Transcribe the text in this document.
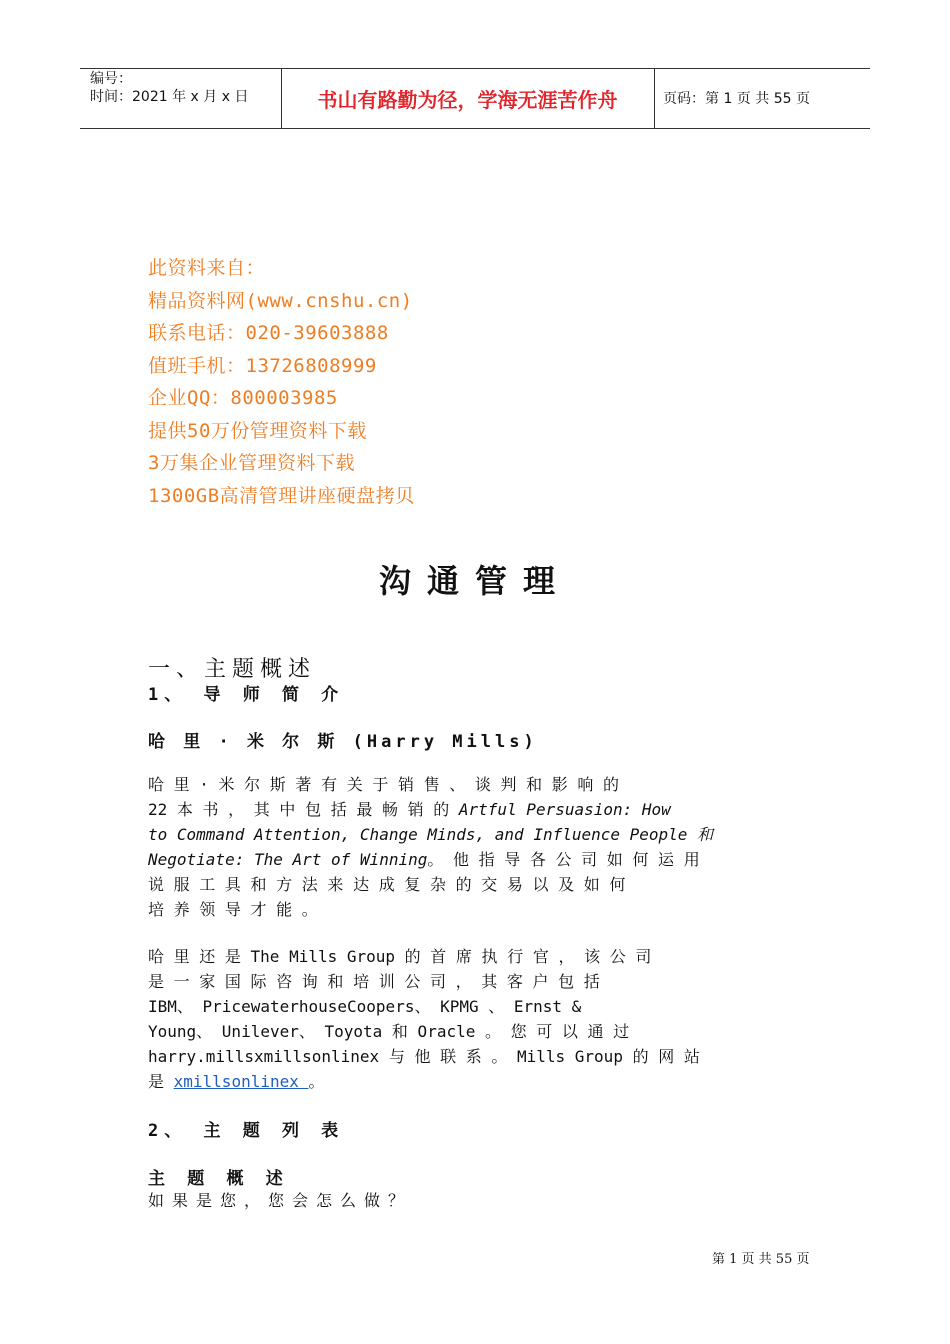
编号：
时间：2021 年 x 月 x 日	书山有路勤为径，学海无涯苦作舟	页码：第 1 页 共 55 页
此资料来自：
精品资料网(www.cnshu.cn)
联系电话：020-39603888
值班手机：13726808999
企业QQ：800003985
提供50万份管理资料下载
3万集企业管理资料下载
1300GB高清管理讲座硬盘拷贝
沟通管理
一、主题概述
1、 导 师 简 介
哈 里 · 米 尔 斯 (Harry Mills)
哈 里 · 米 尔 斯 著 有 关 于 销 售 、 谈 判 和 影 响 的
22 本 书 ， 其 中 包 括 最 畅 销 的 Artful Persuasion: How
to Command Attention, Change Minds, and Influence People 和
Negotiate: The Art of Winning。 他 指 导 各 公 司 如 何 运 用
说 服 工 具 和 方 法 来 达 成 复 杂 的 交 易 以 及 如 何
培 养 领 导 才 能 。
哈 里 还 是 The Mills Group 的 首 席 执 行 官 ， 该 公 司
是 一 家 国 际 咨 询 和 培 训 公 司 ， 其 客 户 包 括
IBM、 PricewaterhouseCoopers、 KPMG 、 Ernst &
Young、 Unilever、 Toyota 和 Oracle 。 您 可 以 通 过
harry.millsxmillsonlinex 与 他 联 系 。 Mills Group 的 网 站
是 xmillsonlinex 。
2、 主 题 列 表
主 题 概 述
如果是您，您会怎么做？
第 1 页 共 55 页
